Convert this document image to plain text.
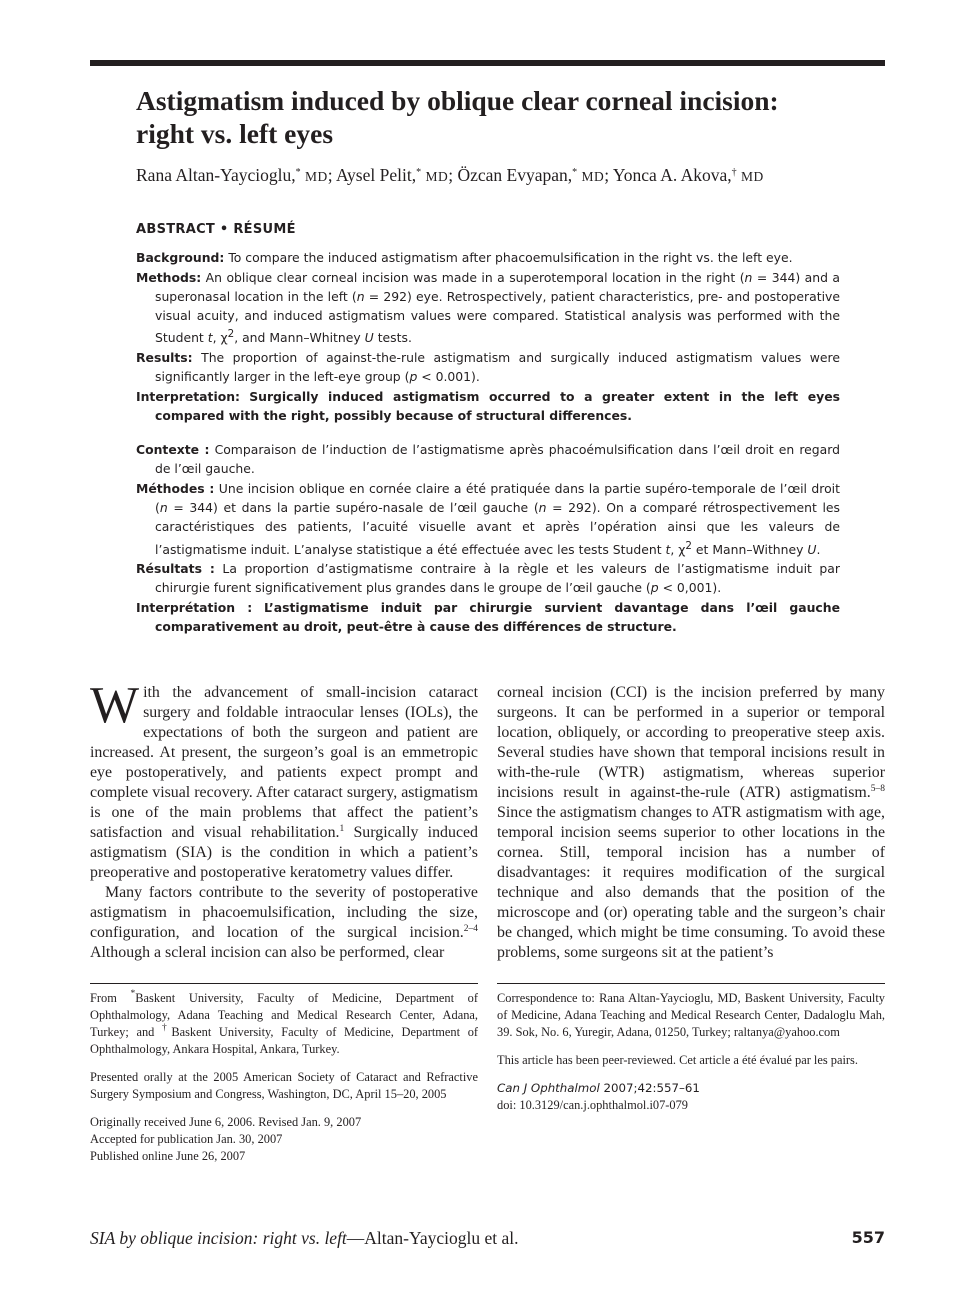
Astigmatism induced by oblique clear corneal incision:
right vs. left eyes
Rana Altan-Yaycioglu,* MD; Aysel Pelit,* MD; Özcan Evyapan,* MD; Yonca A. Akova,† MD
ABSTRACT • RÉSUMÉ

Background: To compare the induced astigmatism after phacoemulsification in the right vs. the left eye.

Methods: An oblique clear corneal incision was made in a superotemporal location in the right (n = 344) and a superonasal location in the left (n = 292) eye. Retrospectively, patient characteristics, pre- and postoperative visual acuity, and induced astigmatism values were compared. Statistical analysis was performed with the Student t, $\chi^2$, and Mann–Whitney U tests.

Results: The proportion of against-the-rule astigmatism and surgically induced astigmatism values were significantly larger in the left-eye group (p < 0.001).

Interpretation: Surgically induced astigmatism occurred to a greater extent in the left eyes compared with the right, possibly because of structural differences.

Contexte : Comparaison de l’induction de l’astigmatisme après phacoémulsification dans l’œil droit en regard de l’œil gauche.

Méthodes : Une incision oblique en cornée claire a été pratiquée dans la partie supéro-temporale de l’œil droit (n = 344) et dans la partie supéro-nasale de l’œil gauche (n = 292). On a comparé rétrospectivement les caractéristiques des patients, l’acuité visuelle avant et après l’opération ainsi que les valeurs de l’astigmatisme induit. L’analyse statistique a été effectuée avec les tests Student t, $\chi^2$ et Mann–Withney U.

Résultats : La proportion d’astigmatisme contraire à la règle et les valeurs de l’astigmatisme induit par chirurgie furent significativement plus grandes dans le groupe de l’œil gauche (p < 0,001).

Interprétation : L’astigmatisme induit par chirurgie survient davantage dans l’œil gauche comparativement au droit, peut-être à cause des différences de structure.

With the advancement of small-incision cataract surgery and foldable intraocular lenses (IOLs), the expectations of both the surgeon and patient are increased. At present, the surgeon’s goal is an emmetropic eye postoperatively, and patients expect prompt and complete visual recovery. After cataract surgery, astigmatism is one of the main problems that affect the patient’s satisfaction and visual rehabilitation.$^1$ Surgically induced astigmatism (SIA) is the condition in which a patient’s preoperative and postoperative keratometry values differ.

Many factors contribute to the severity of postoperative astigmatism in phacoemulsification, including the size, configuration, and location of the surgical incision.$^{2-4}$ Although a scleral incision can also be performed, clear

corneal incision (CCI) is the incision preferred by many surgeons. It can be performed in a superior or temporal location, obliquely, or according to preoperative steep axis. Several studies have shown that temporal incisions result in with-the-rule (WTR) astigmatism, whereas superior incisions result in against-the-rule (ATR) astigmatism.$^{5-8}$ Since the astigmatism changes to ATR astigmatism with age, temporal incision seems superior to other locations in the cornea. Still, temporal incision has a number of disadvantages: it requires modification of the surgical technique and also demands that the position of the microscope and (or) operating table and the surgeon’s chair be changed, which might be time consuming. To avoid these problems, some surgeons sit at the patient’s

From *Baskent University, Faculty of Medicine, Department of Ophthalmology, Adana Teaching and Medical Research Center, Adana, Turkey; and †Baskent University, Faculty of Medicine, Department of Ophthalmology, Ankara Hospital, Ankara, Turkey.

Presented orally at the 2005 American Society of Cataract and Refractive Surgery Symposium and Congress, Washington, DC, April 15–20, 2005

Originally received June 6, 2006. Revised Jan. 9, 2007
Accepted for publication Jan. 30, 2007
Published online June 26, 2007

Correspondence to: Rana Altan-Yaycioglu, MD, Baskent University, Faculty of Medicine, Adana Teaching and Medical Research Center, Dadaloglu Mah, 39. Sok, No. 6, Yuregir, Adana, 01250, Turkey; raltanya@yahoo.com

This article has been peer-reviewed. Cet article a été évalué par les pairs.

Can J Ophthalmol 2007;42:557–61
doi: 10.3129/can.j.ophthalmol.i07-079

SIA by oblique incision: right vs. left—Altan-Yaycioglu et al.	557
